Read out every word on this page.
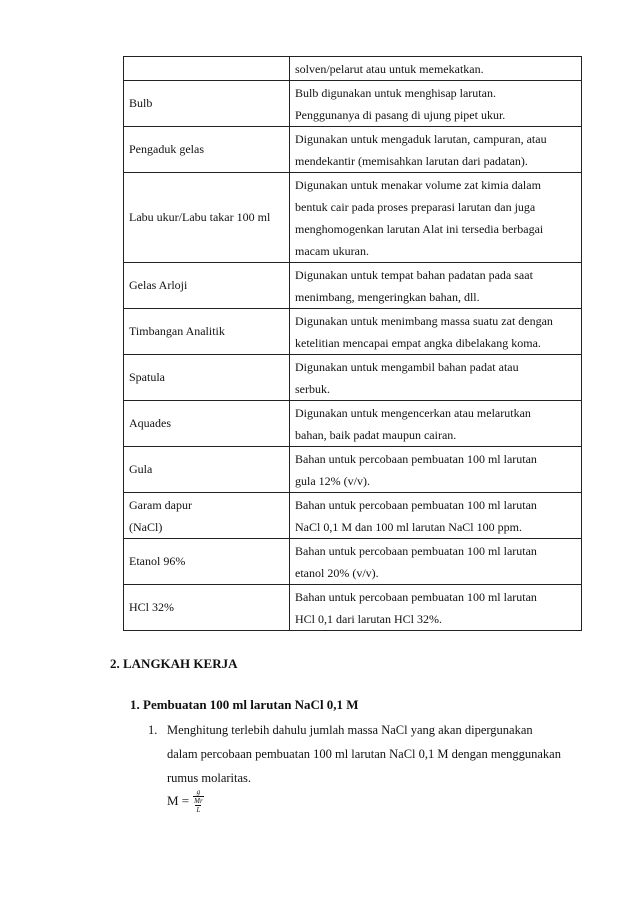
	solven/pelarut atau untuk memekatkan.

Bulb	Bulb digunakan untuk menghisap larutan.
Penggunanya di pasang di ujung pipet ukur.

Pengaduk gelas	Digunakan untuk mengaduk larutan, campuran, atau
mendekantir (memisahkan larutan dari padatan).

Labu ukur/Labu takar 100 ml	Digunakan untuk menakar volume zat kimia dalam
bentuk cair pada proses preparasi larutan dan juga
menghomogenkan larutan Alat ini tersedia berbagai
macam ukuran.

Gelas Arloji	Digunakan untuk tempat bahan padatan pada saat
menimbang, mengeringkan bahan, dll.

Timbangan Analitik	Digunakan untuk menimbang massa suatu zat dengan
ketelitian mencapai empat angka dibelakang koma.

Spatula	Digunakan untuk mengambil bahan padat atau
serbuk.

Aquades	Digunakan untuk mengencerkan atau melarutkan
bahan, baik padat maupun cairan.

Gula	Bahan untuk percobaan pembuatan 100 ml larutan
gula 12% (v/v).

Garam dapur
(NaCl)	Bahan untuk percobaan pembuatan 100 ml larutan
NaCl 0,1 M dan 100 ml larutan NaCl 100 ppm.

Etanol 96%	Bahan untuk percobaan pembuatan 100 ml larutan
etanol 20% (v/v).

HCl 32%	Bahan untuk percobaan pembuatan 100 ml larutan
HCl 0,1 dari larutan HCl 32%.
2. LANGKAH KERJA
1. Pembuatan 100 ml larutan NaCl 0,1 M
1. Menghitung terlebih dahulu jumlah massa NaCl yang akan dipergunakan
dalam percobaan pembuatan 100 ml larutan NaCl 0,1 M dengan menggunakan
rumus molaritas.
M =
g
Mr
L
